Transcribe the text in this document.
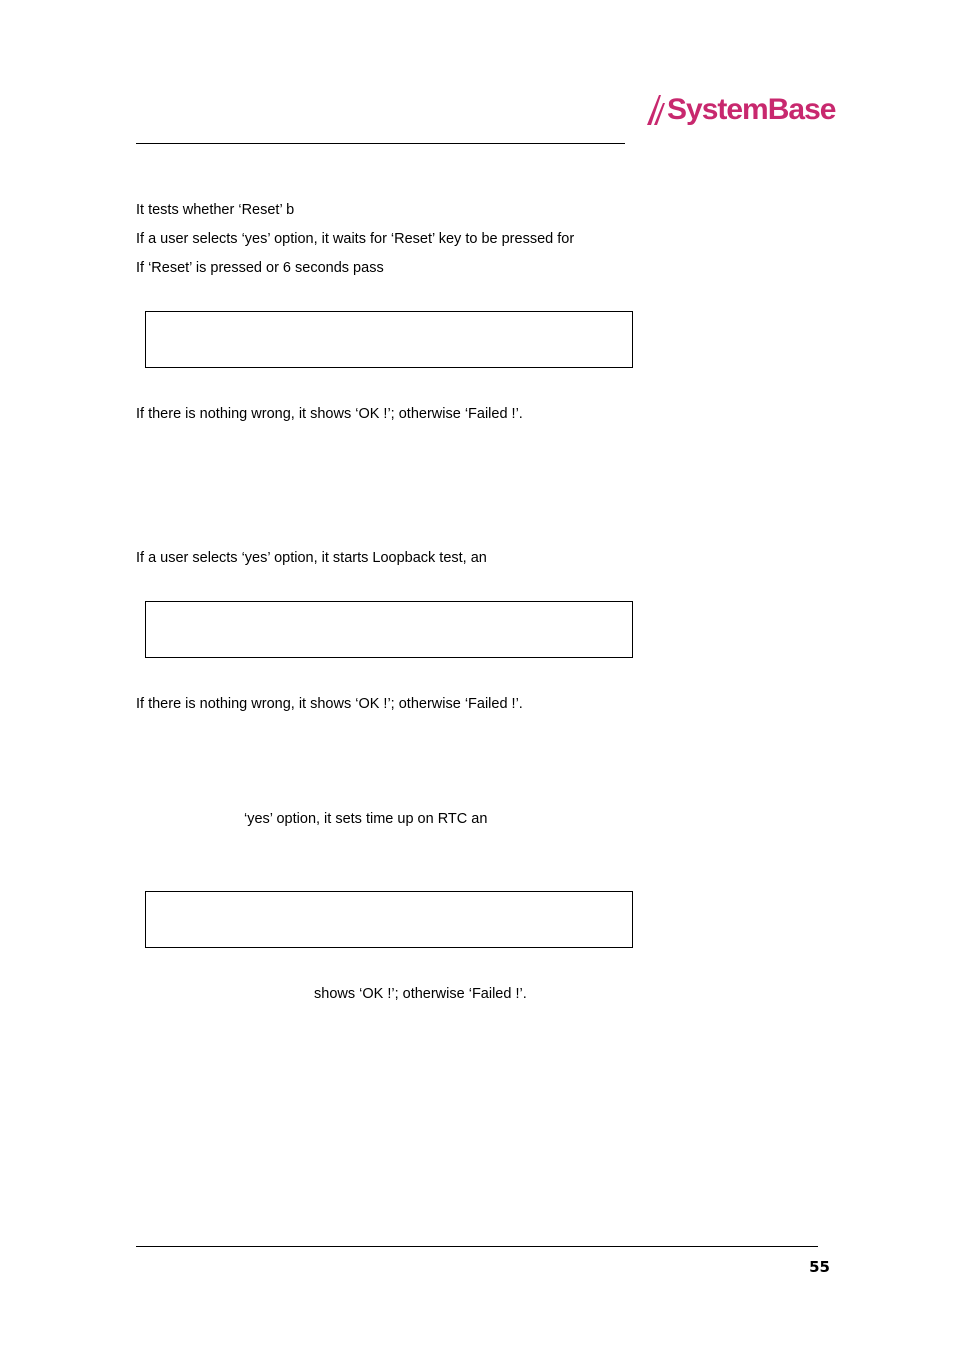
SystemBase
It tests whether ‘Reset’ b
If a user selects ‘yes’ option, it waits for ‘Reset’ key to be pressed for
If ‘Reset’ is pressed or 6 seconds pass
If there is nothing wrong, it shows ‘OK !’; otherwise ‘Failed !’.
If a user selects ‘yes’ option, it starts Loopback test, an
If there is nothing wrong, it shows ‘OK !’; otherwise ‘Failed !’.
‘yes’ option, it sets time up on RTC an
shows ‘OK !’; otherwise ‘Failed !’.
55
